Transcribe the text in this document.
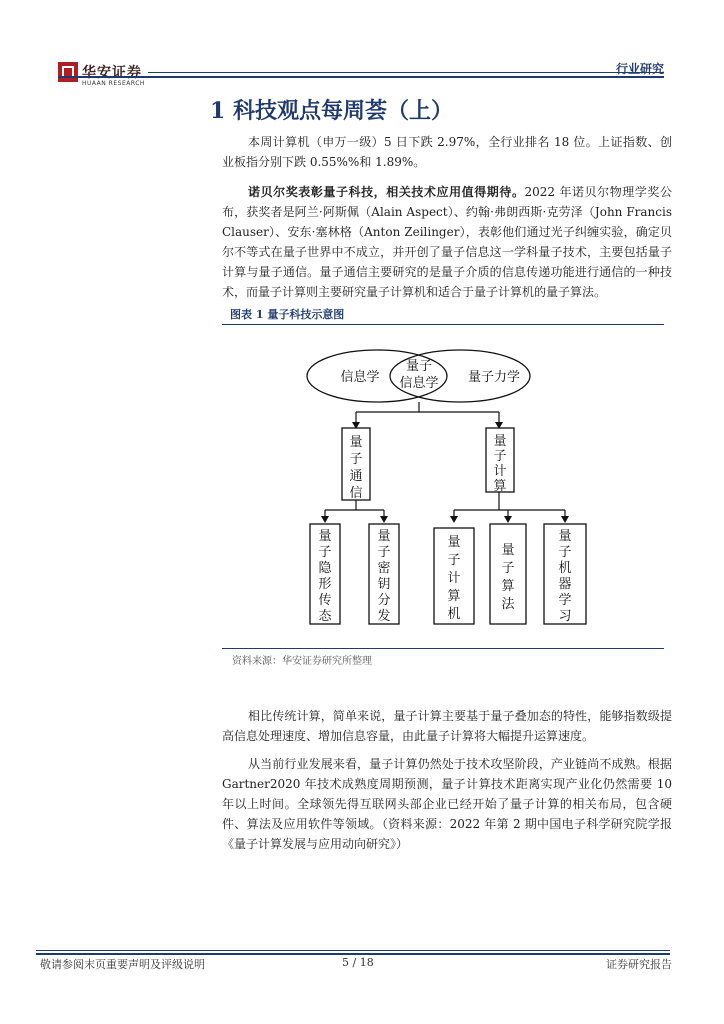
华安证券
HUAAN RESEARCH
行业研究
1 科技观点每周荟（上）
本周计算机（申万一级）5 日下跌 2.97%，全行业排名 18 位。上证指数、创业板指分别下跌 0.55%%和 1.89%。
诺贝尔奖表彰量子科技，相关技术应用值得期待。2022 年诺贝尔物理学奖公布，获奖者是阿兰·阿斯佩（Alain Aspect）、约翰·弗朗西斯·克劳泽（John Francis Clauser）、安东·塞林格（Anton Zeilinger），表彰他们通过光子纠缠实验，确定贝尔不等式在量子世界中不成立，并开创了量子信息这一学科量子技术，主要包括量子计算与量子通信。量子通信主要研究的是量子介质的信息传递功能进行通信的一种技术，而量子计算则主要研究量子计算机和适合于量子计算机的量子算法。
图表 1 量子科技示意图
信息学
量子
信息学 量子力学
量
子
通
信
量
子
计
算
量
子
隐
形
传
态
量
子
密
钥
分
发
量
子
计
算
机
量
子
算
法
量
子
机
器
学
习
资料来源：华安证券研究所整理
相比传统计算，简单来说，量子计算主要基于量子叠加态的特性，能够指数级提高信息处理速度、增加信息容量，由此量子计算将大幅提升运算速度。
从当前行业发展来看，量子计算仍然处于技术攻坚阶段，产业链尚不成熟。根据 Gartner2020 年技术成熟度周期预测，量子计算技术距离实现产业化仍然需要 10 年以上时间。全球领先得互联网头部企业已经开始了量子计算的相关布局，包含硬件、算法及应用软件等领域。（资料来源：2022 年第 2 期中国电子科学研究院学报《量子计算发展与应用动向研究》）
敬请参阅末页重要声明及评级说明	5 / 18	证券研究报告
